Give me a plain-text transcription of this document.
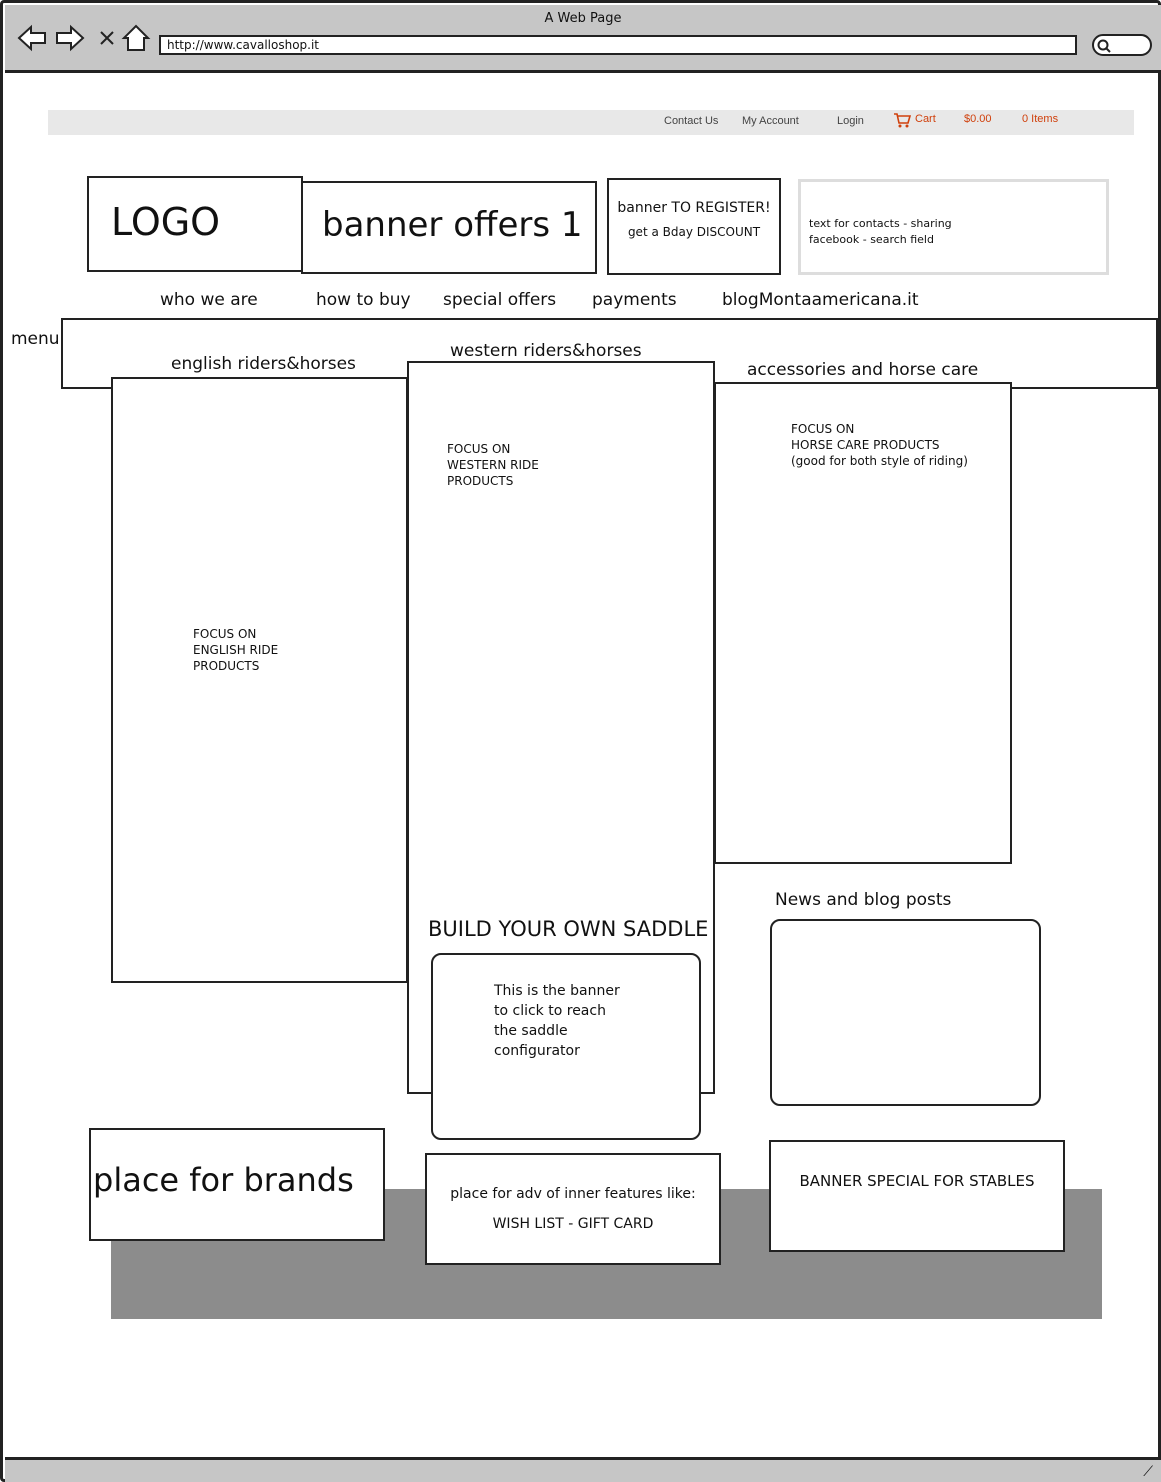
A Web Page
http://www.cavalloshop.it
Contact Us My Account	Login	Cart	$0.00	0 Items
LOGO	banner offers 1	banner TO REGISTER!
get a Bday DISCOUNT
text for contacts - sharing
facebook - search field
who we are	how to buy special offers payments	blogMontaamericana.it
menu
FOCUS ON
ENGLISH RIDE
PRODUCTS
FOCUS ON
WESTERN RIDE
PRODUCTS
FOCUS ON
HORSE CARE PRODUCTS
(good for both style of riding)
english riders&horses
western riders&horses
accessories and horse care
BUILD YOUR OWN SADDLE
This is the banner
to click to reach
the saddle
configurator
News and blog posts
place for brands	place for adv of inner features like:
WISH LIST - GIFT CARD
BANNER SPECIAL FOR STABLES
⟋
